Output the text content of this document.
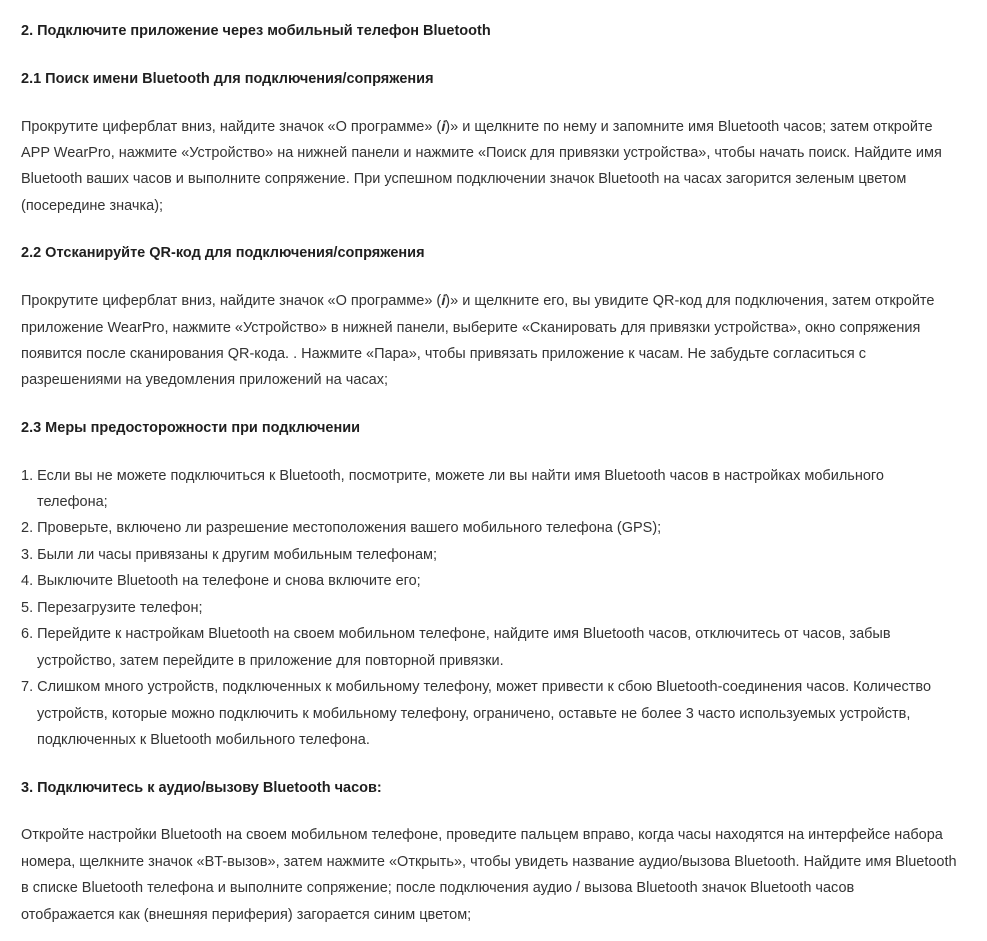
2. Подключите приложение через мобильный телефон Bluetooth
2.1 Поиск имени Bluetooth для подключения/сопряжения
Прокрутите циферблат вниз, найдите значок «О программе» (𝒊)» и щелкните по нему и запомните имя Bluetooth часов; затем откройте
APP WearPro, нажмите «Устройство» на нижней панели и нажмите «Поиск для привязки устройства», чтобы начать поиск. Найдите имя
Bluetooth ваших часов и выполните сопряжение. При успешном подключении значок Bluetooth на часах загорится зеленым цветом
(посередине значка);
2.2 Отсканируйте QR-код для подключения/сопряжения
Прокрутите циферблат вниз, найдите значок «О программе» (𝒊)» и щелкните его, вы увидите QR-код для подключения, затем откройте
приложение WearPro, нажмите «Устройство» в нижней панели, выберите «Сканировать для привязки устройства», окно сопряжения
появится после сканирования QR-кода. . Нажмите «Пара», чтобы привязать приложение к часам. Не забудьте согласиться с
разрешениями на уведомления приложений на часах;
2.3 Меры предосторожности при подключении
1. Если вы не можете подключиться к Bluetooth, посмотрите, можете ли вы найти имя Bluetooth часов в настройках мобильного
телефона;
2. Проверьте, включено ли разрешение местоположения вашего мобильного телефона (GPS);
3. Были ли часы привязаны к другим мобильным телефонам;
4. Выключите Bluetooth на телефоне и снова включите его;
5. Перезагрузите телефон;
6. Перейдите к настройкам Bluetooth на своем мобильном телефоне, найдите имя Bluetooth часов, отключитесь от часов, забыв
устройство, затем перейдите в приложение для повторной привязки.
7. Слишком много устройств, подключенных к мобильному телефону, может привести к сбою Bluetooth-соединения часов. Количество
устройств, которые можно подключить к мобильному телефону, ограничено, оставьте не более 3 часто используемых устройств,
подключенных к Bluetooth мобильного телефона.
3. Подключитесь к аудио/вызову Bluetooth часов:
Откройте настройки Bluetooth на своем мобильном телефоне, проведите пальцем вправо, когда часы находятся на интерфейсе набора
номера, щелкните значок «BT-вызов», затем нажмите «Открыть», чтобы увидеть название аудио/вызова Bluetooth. Найдите имя Bluetooth
в списке Bluetooth телефона и выполните сопряжение; после подключения аудио / вызова Bluetooth значок Bluetooth часов
отображается как (внешняя периферия) загорается синим цветом;
